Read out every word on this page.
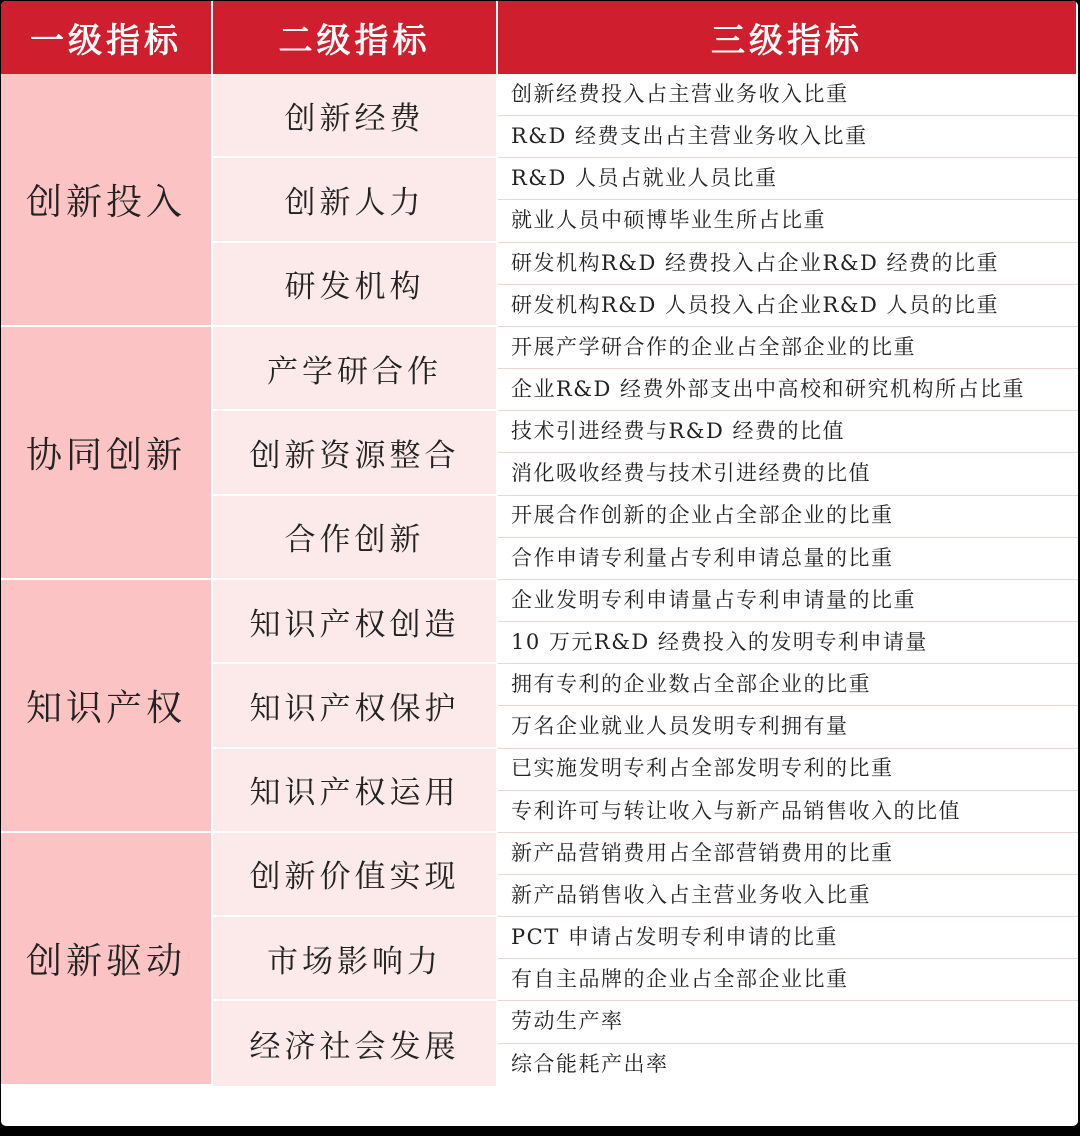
一级指标	二级指标	三级指标
创新投入
创新经费
创新经费投入占主营业务收入比重
R&D 经费支出占主营业务收入比重
创新人力
R&D 人员占就业人员比重
就业人员中硕博毕业生所占比重
研发机构
研发机构R&D 经费投入占企业R&D 经费的比重
研发机构R&D 人员投入占企业R&D 人员的比重
协同创新
产学研合作
开展产学研合作的企业占全部企业的比重
企业R&D 经费外部支出中高校和研究机构所占比重
创新资源整合
技术引进经费与R&D 经费的比值
消化吸收经费与技术引进经费的比值
合作创新
开展合作创新的企业占全部企业的比重
合作申请专利量占专利申请总量的比重
知识产权
知识产权创造
企业发明专利申请量占专利申请量的比重
10 万元R&D 经费投入的发明专利申请量
知识产权保护
拥有专利的企业数占全部企业的比重
万名企业就业人员发明专利拥有量
知识产权运用
已实施发明专利占全部发明专利的比重
专利许可与转让收入与新产品销售收入的比值
创新驱动
创新价值实现
新产品营销费用占全部营销费用的比重
新产品销售收入占主营业务收入比重
市场影响力
PCT 申请占发明专利申请的比重
有自主品牌的企业占全部企业比重
经济社会发展
劳动生产率
综合能耗产出率
